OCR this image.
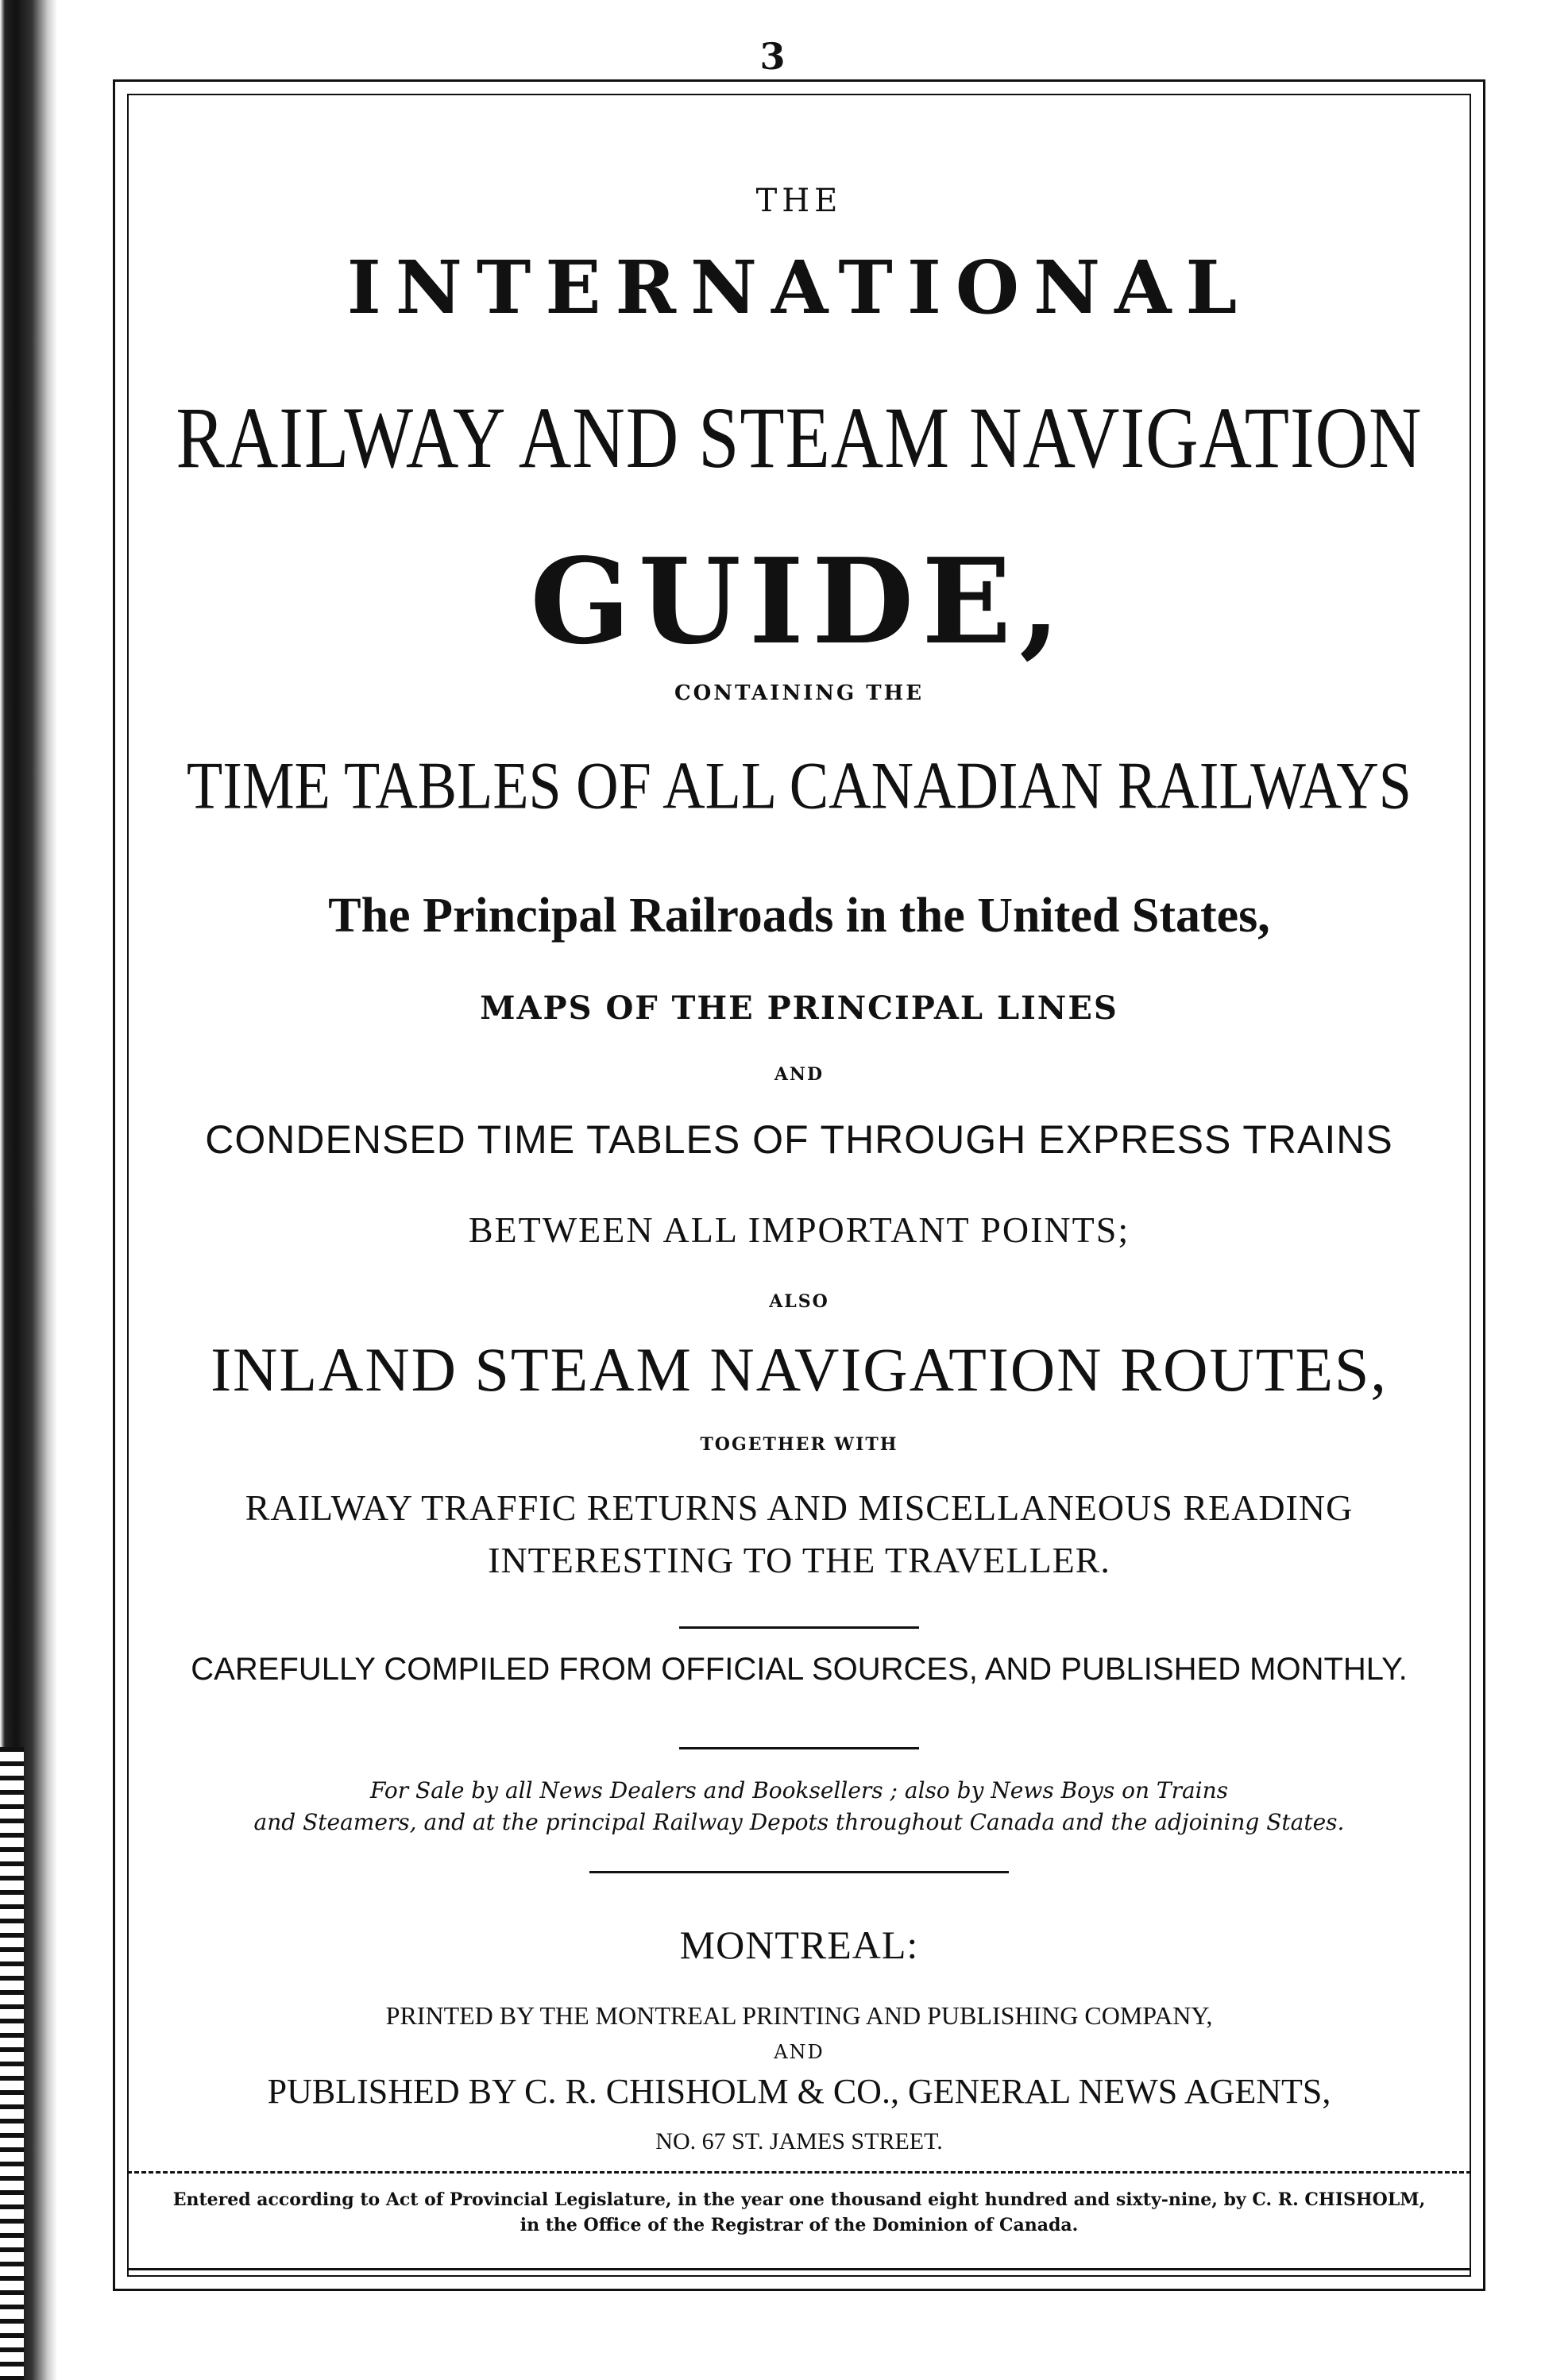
3

THE

INTERNATIONAL

RAILWAY AND STEAM NAVIGATION

GUIDE,

CONTAINING THE

TIME TABLES OF ALL CANADIAN RAILWAYS

The Principal Railroads in the United States,

MAPS OF THE PRINCIPAL LINES

AND

CONDENSED TIME TABLES OF THROUGH EXPRESS TRAINS

BETWEEN ALL IMPORTANT POINTS;

ALSO

INLAND STEAM NAVIGATION ROUTES,

TOGETHER WITH

RAILWAY TRAFFIC RETURNS AND MISCELLANEOUS READING

INTERESTING TO THE TRAVELLER.

CAREFULLY COMPILED FROM OFFICIAL SOURCES, AND PUBLISHED MONTHLY.

For Sale by all News Dealers and Booksellers ; also by News Boys on Trains

and Steamers, and at the principal Railway Depots throughout Canada and the adjoining States.

MONTREAL:

PRINTED BY THE MONTREAL PRINTING AND PUBLISHING COMPANY,

AND

PUBLISHED BY C. R. CHISHOLM & CO., GENERAL NEWS AGENTS,

NO. 67 ST. JAMES STREET.

Entered according to Act of Provincial Legislature, in the year one thousand eight hundred and sixty-nine, by C. R. CHISHOLM,

in the Office of the Registrar of the Dominion of Canada.
